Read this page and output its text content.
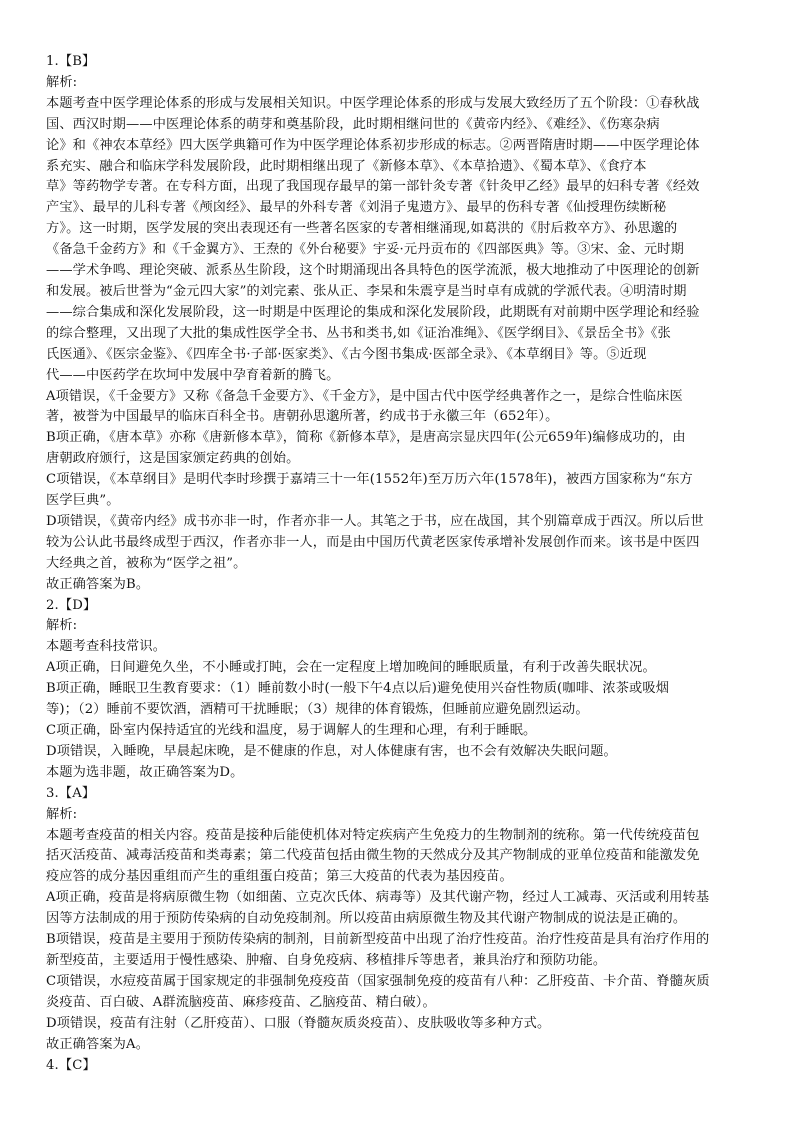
1.【B】
解析:
本题考查中医学理论体系的形成与发展相关知识。中医学理论体系的形成与发展大致经历了五个阶段：①春秋战
国、西汉时期——中医理论体系的萌芽和奠基阶段，此时期相继问世的《黄帝内经》、《难经》、《伤寒杂病
论》和《神农本草经》四大医学典籍可作为中医学理论体系初步形成的标志。②两晋隋唐时期——中医学理论体
系充实、融合和临床学科发展阶段，此时期相继出现了《新修本草》、《本草拾遗》、《蜀本草》、《食疗本
草》等药物学专著。在专科方面，出现了我国现存最早的第一部针灸专著《针灸甲乙经》最早的妇科专著《经效
产宝》、最早的儿科专著《颅囟经》、最早的外科专著《刘涓子鬼遗方》、最早的伤科专著《仙授理伤续断秘
方》。这一时期，医学发展的突出表现还有一些著名医家的专著相继涌现,如葛洪的《肘后救卒方》、孙思邈的
《备急千金药方》和《千金翼方》、王焘的《外台秘要》宇妥·元丹贡布的《四部医典》等。③宋、金、元时期
——学术争鸣、理论突破、派系丛生阶段，这个时期涌现出各具特色的医学流派，极大地推动了中医理论的创新
和发展。被后世誉为“金元四大家”的刘完素、张从正、李杲和朱震亨是当时卓有成就的学派代表。④明清时期
——综合集成和深化发展阶段，这一时期是中医理论的集成和深化发展阶段，此期既有对前期中医学理论和经验
的综合整理，又出现了大批的集成性医学全书、丛书和类书,如《证治准绳》、《医学纲目》、《景岳全书》《张
氏医通》、《医宗金鉴》、《四库全书·子部·医家类》、《古今图书集成·医部全录》、《本草纲目》等。⑤近现
代——中医药学在坎坷中发展中孕育着新的腾飞。
A项错误，《千金要方》又称《备急千金要方》、《千金方》，是中国古代中医学经典著作之一，是综合性临床医
著，被誉为中国最早的临床百科全书。唐朝孙思邈所著，约成书于永徽三年（652年）。
B项正确，《唐本草》亦称《唐新修本草》，简称《新修本草》，是唐高宗显庆四年(公元659年)编修成功的，由
唐朝政府颁行，这是国家颁定药典的创始。
C项错误，《本草纲目》是明代李时珍撰于嘉靖三十一年(1552年)至万历六年(1578年)，被西方国家称为“东方
医学巨典”。
D项错误，《黄帝内经》成书亦非一时，作者亦非一人。其笔之于书，应在战国，其个别篇章成于西汉。所以后世
较为公认此书最终成型于西汉，作者亦非一人，而是由中国历代黄老医家传承增补发展创作而来。该书是中医四
大经典之首，被称为“医学之祖”。
故正确答案为B。
2.【D】
解析:
本题考查科技常识。
A项正确，日间避免久坐，不小睡或打盹，会在一定程度上增加晚间的睡眠质量，有利于改善失眠状况。
B项正确，睡眠卫生教育要求：（1）睡前数小时(一般下午4点以后)避免使用兴奋性物质(咖啡、浓茶或吸烟
等)；（2）睡前不要饮酒，酒精可干扰睡眠；（3）规律的体育锻炼，但睡前应避免剧烈运动。
C项正确，卧室内保持适宜的光线和温度，易于调解人的生理和心理，有利于睡眠。
D项错误，入睡晚，早晨起床晚，是不健康的作息，对人体健康有害，也不会有效解决失眠问题。
本题为选非题，故正确答案为D。
3.【A】
解析:
本题考查疫苗的相关内容。疫苗是接种后能使机体对特定疾病产生免疫力的生物制剂的统称。第一代传统疫苗包
括灭活疫苗、减毒活疫苗和类毒素；第二代疫苗包括由微生物的天然成分及其产物制成的亚单位疫苗和能激发免
疫应答的成分基因重组而产生的重组蛋白疫苗；第三大疫苗的代表为基因疫苗。
A项正确，疫苗是将病原微生物（如细菌、立克次氏体、病毒等）及其代谢产物，经过人工减毒、灭活或利用转基
因等方法制成的用于预防传染病的自动免疫制剂。所以疫苗由病原微生物及其代谢产物制成的说法是正确的。
B项错误，疫苗是主要用于预防传染病的制剂，目前新型疫苗中出现了治疗性疫苗。治疗性疫苗是具有治疗作用的
新型疫苗，主要适用于慢性感染、肿瘤、自身免疫病、移植排斥等患者，兼具治疗和预防功能。
C项错误，水痘疫苗属于国家规定的非强制免疫疫苗（国家强制免疫的疫苗有八种：乙肝疫苗、卡介苗、脊髓灰质
炎疫苗、百白破、A群流脑疫苗、麻疹疫苗、乙脑疫苗、精白破）。
D项错误，疫苗有注射（乙肝疫苗）、口服（脊髓灰质炎疫苗）、皮肤吸收等多种方式。
故正确答案为A。
4.【C】
